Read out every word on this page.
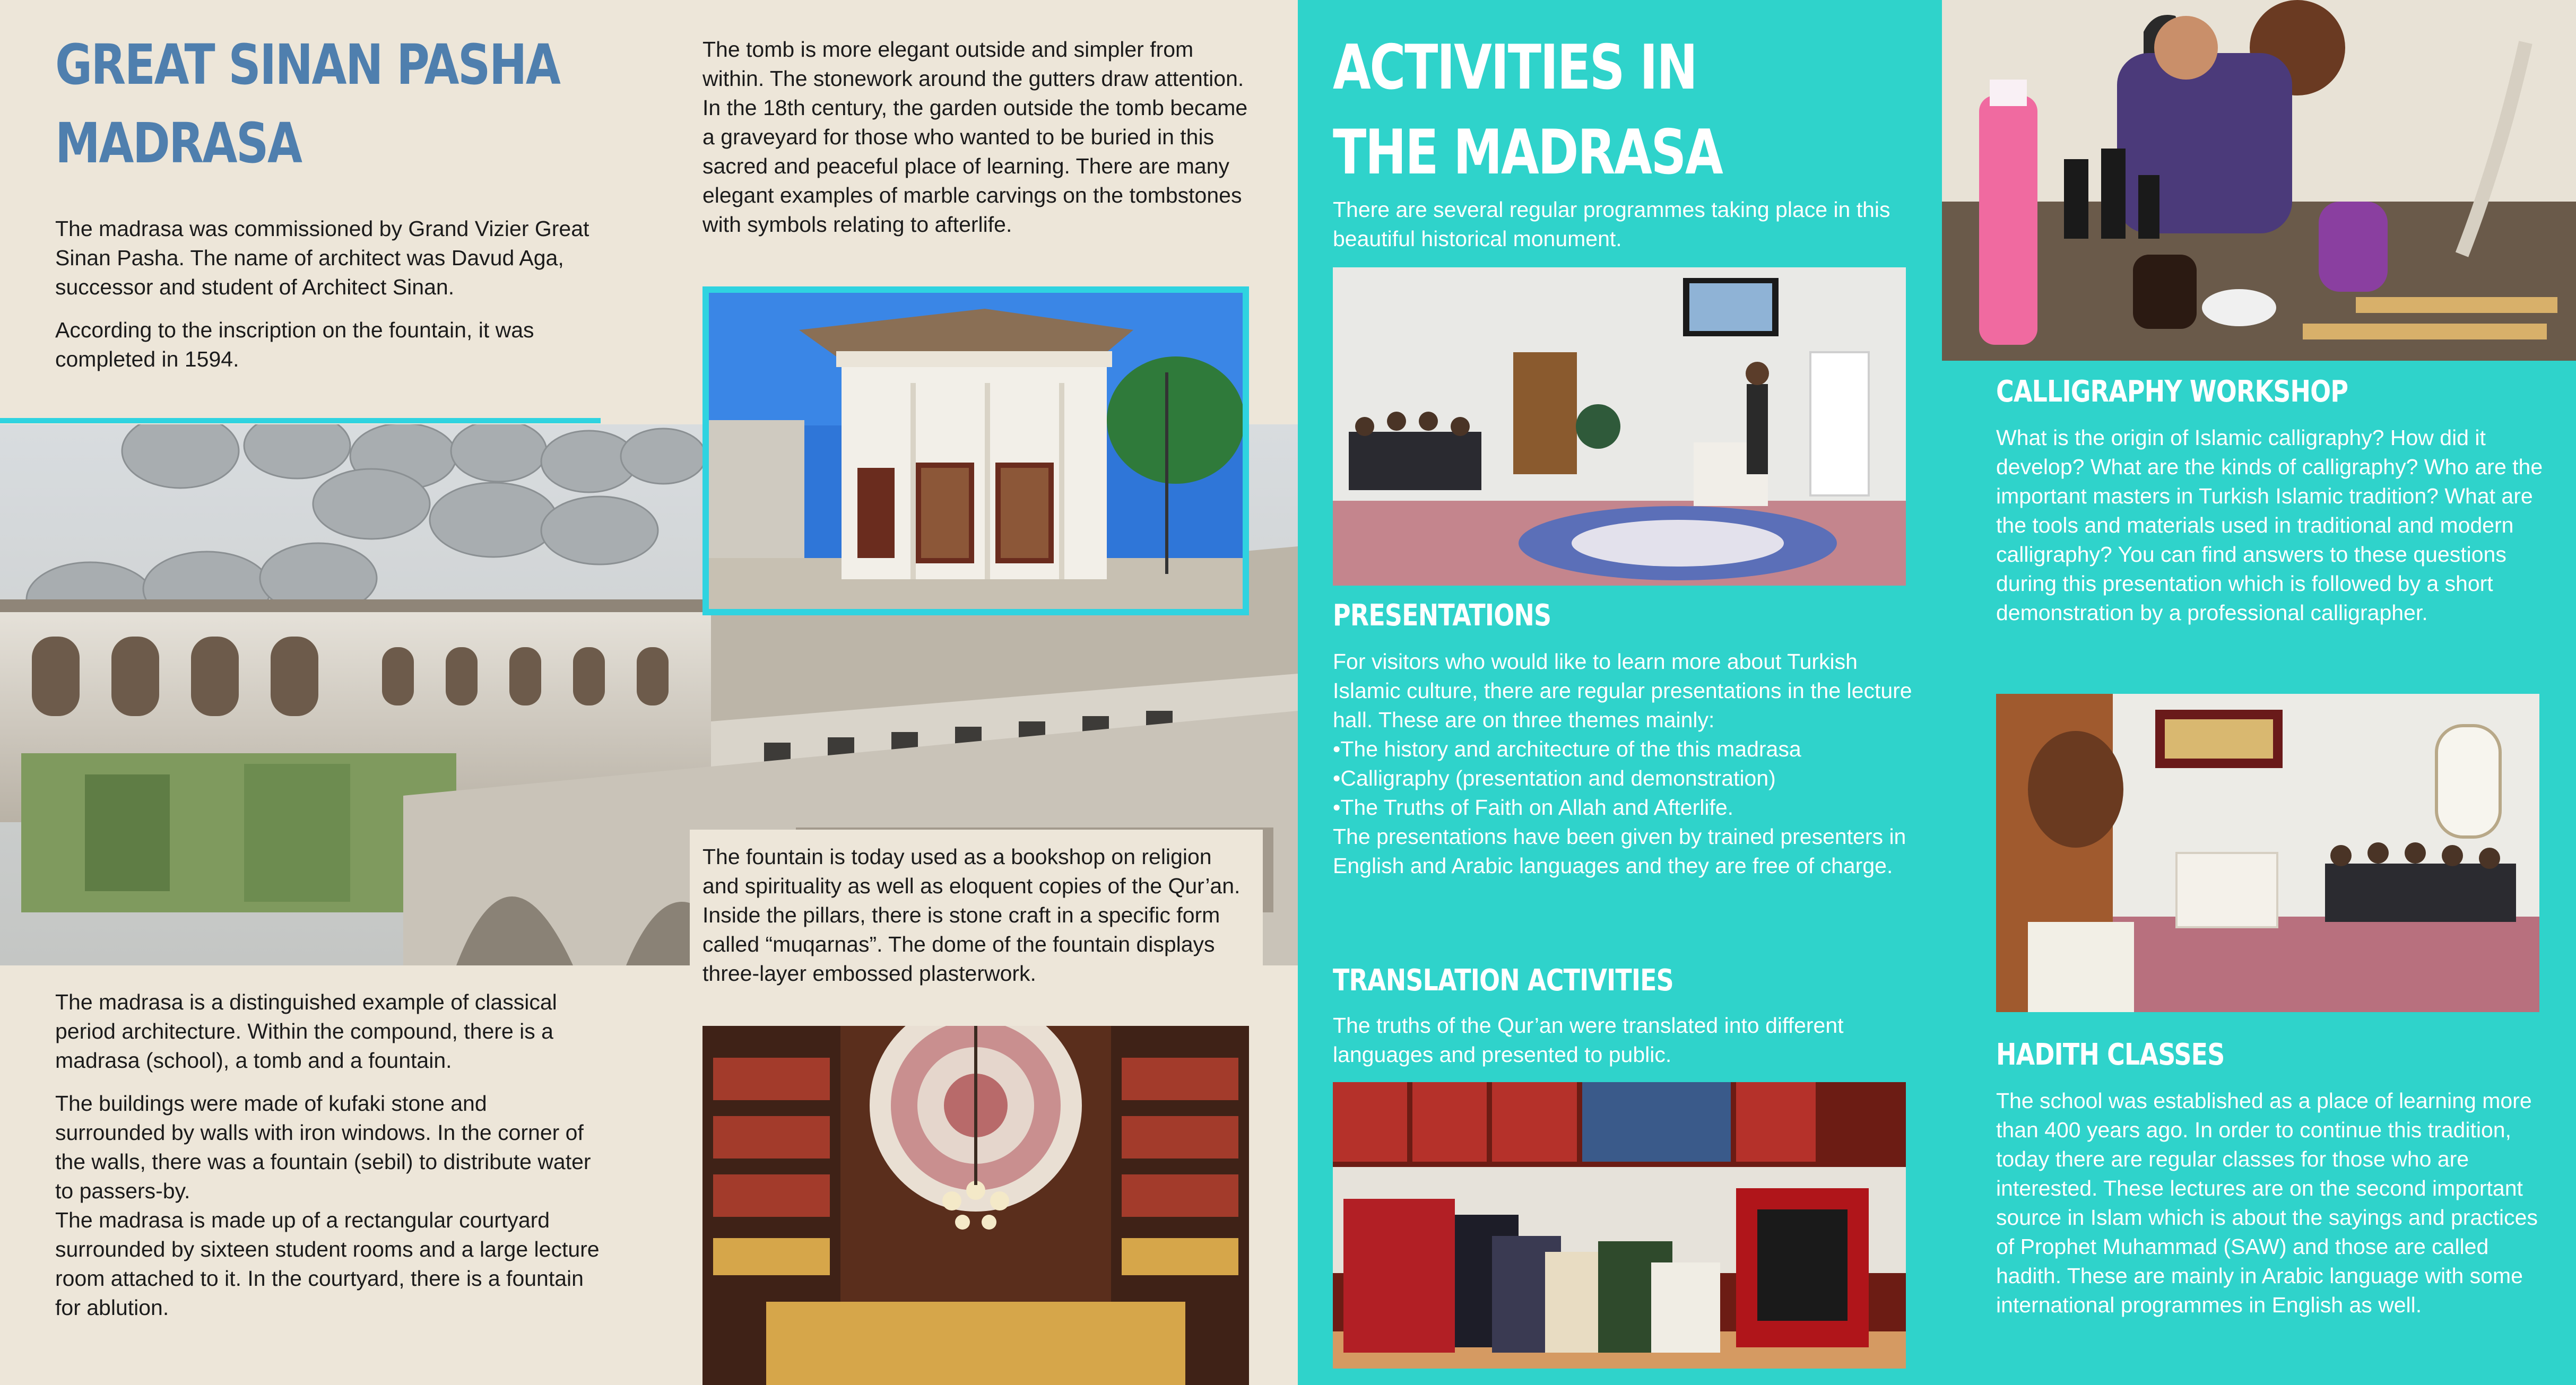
GREAT SINAN PASHA
MADRASA

The madrasa was commissioned by Grand Vizier Great Sinan Pasha. The name of architect was Davud Aga, successor and student of Architect Sinan.

According to the inscription on the fountain, it was completed in 1594.

The tomb is more elegant outside and simpler from within. The stonework around the gutters draw attention. In the 18th century, the garden outside the tomb became a graveyard for those who wanted to be buried in this sacred and peaceful place of learning. There are many elegant examples of marble carvings on the tombstones with symbols relating to afterlife.

The fountain is today used as a bookshop on religion and spirituality as well as eloquent copies of the Qur’an. Inside the pillars, there is stone craft in a specific form called “muqarnas”. The dome of the fountain displays three-layer embossed plasterwork.

The madrasa is a distinguished example of classical period architecture. Within the compound, there is a madrasa (school), a tomb and a fountain.

The buildings were made of kufaki stone and surrounded by walls with iron windows. In the corner of the walls, there was a fountain (sebil) to distribute water to passers-by.

The madrasa is made up of a rectangular courtyard surrounded by sixteen student rooms and a large lecture room attached to it. In the courtyard, there is a fountain for ablution.

ACTIVITIES IN
THE MADRASA

There are several regular programmes taking place in this beautiful historical monument.

PRESENTATIONS

For visitors who would like to learn more about Turkish Islamic culture, there are regular presentations in the lecture hall. These are on three themes mainly:

• The history and architecture of the this madrasa
• Calligraphy (presentation and demonstration)
• The Truths of Faith on Allah and Afterlife.

The presentations have been given by trained presenters in English and Arabic languages and they are free of charge.

TRANSLATION ACTIVITIES

The truths of the Qur’an were translated into different languages and presented to public.

CALLIGRAPHY WORKSHOP

What is the origin of Islamic calligraphy? How did it develop? What are the kinds of calligraphy? Who are the important masters in Turkish Islamic tradition? What are the tools and materials used in traditional and modern calligraphy? You can find answers to these questions during this presentation which is followed by a short demonstration by a professional calligrapher.

HADITH CLASSES

The school was established as a place of learning more than 400 years ago. In order to continue this tradition, today there are regular classes for those who are interested. These lectures are on the second important source in Islam which is about the sayings and practices of Prophet Muhammad (SAW) and those are called hadith. These are mainly in Arabic language with some international programmes in English as well.
